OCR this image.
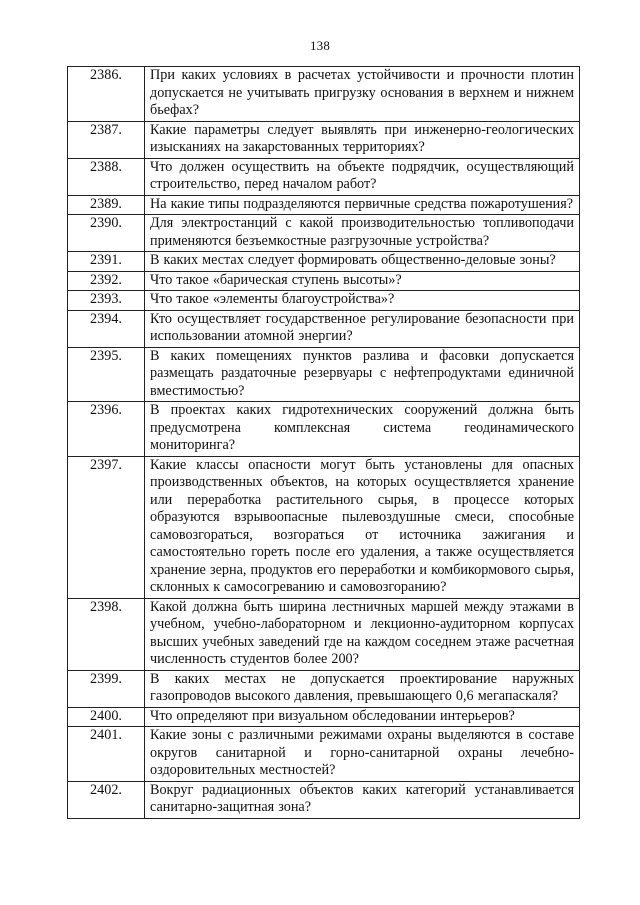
138
2386.	При каких условиях в расчетах устойчивости и прочности плотин допускается не учитывать пригрузку основания в верхнем и нижнем бьефах?
2387.	Какие параметры следует выявлять при инженерно-геологических изысканиях на закарстованных территориях?
2388.	Что должен осуществить на объекте подрядчик, осуществляющий строительство, перед началом работ?
2389.	На какие типы подразделяются первичные средства пожаротушения?
2390.	Для электростанций с какой производительностью топливоподачи применяются безъемкостные разгрузочные устройства?
2391.	В каких местах следует формировать общественно-деловые зоны?
2392.	Что такое «барическая ступень высоты»?
2393.	Что такое «элементы благоустройства»?
2394.	Кто осуществляет государственное регулирование безопасности при использовании атомной энергии?
2395.	В каких помещениях пунктов разлива и фасовки допускается размещать раздаточные резервуары с нефтепродуктами единичной вместимостью?
2396.	В проектах каких гидротехнических сооружений должна быть предусмотрена комплексная система геодинамического мониторинга?
2397.	Какие классы опасности могут быть установлены для опасных производственных объектов, на которых осуществляется хранение или переработка растительного сырья, в процессе которых образуются взрывоопасные пылевоздушные смеси, способные самовозгораться, возгораться от источника зажигания и самостоятельно гореть после его удаления, а также осуществляется хранение зерна, продуктов его переработки и комбикормового сырья, склонных к самосогреванию и самовозгоранию?
2398.	Какой должна быть ширина лестничных маршей между этажами в учебном, учебно-лабораторном и лекционно-аудиторном корпусах высших учебных заведений где на каждом соседнем этаже расчетная численность студентов более 200?
2399.	В каких местах не допускается проектирование наружных газопроводов высокого давления, превышающего 0,6 мегапаскаля?
2400.	Что определяют при визуальном обследовании интерьеров?
2401.	Какие зоны с различными режимами охраны выделяются в составе округов санитарной и горно-санитарной охраны лечебно-оздоровительных местностей?
2402.	Вокруг радиационных объектов каких категорий устанавливается санитарно-защитная зона?
